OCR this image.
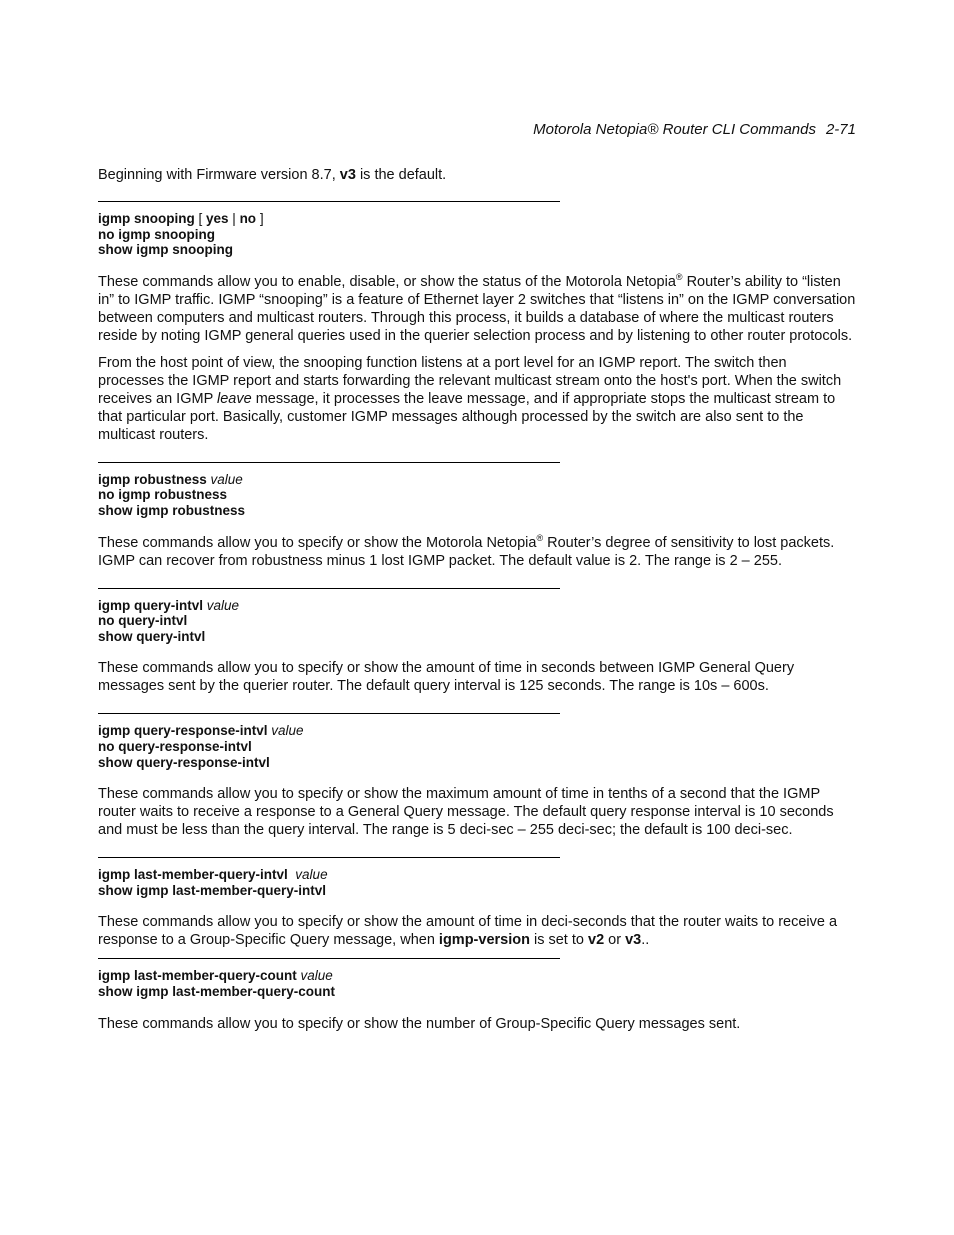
Motorola Netopia® Router CLI Commands 2-71

Beginning with Firmware version 8.7, v3 is the default.

igmp snooping [ yes | no ]
no igmp snooping
show igmp snooping

These commands allow you to enable, disable, or show the status of the Motorola Netopia® Router’s ability to “listen in” to IGMP traffic. IGMP “snooping” is a feature of Ethernet layer 2 switches that “listens in” on the IGMP conversation between computers and multicast routers. Through this process, it builds a database of where the multicast routers reside by noting IGMP general queries used in the querier selection process and by listening to other router protocols.

From the host point of view, the snooping function listens at a port level for an IGMP report. The switch then processes the IGMP report and starts forwarding the relevant multicast stream onto the host's port. When the switch receives an IGMP leave message, it processes the leave message, and if appropriate stops the multicast stream to that particular port. Basically, customer IGMP messages although processed by the switch are also sent to the multicast routers.

igmp robustness value
no igmp robustness
show igmp robustness

These commands allow you to specify or show the Motorola Netopia® Router’s degree of sensitivity to lost packets. IGMP can recover from robustness minus 1 lost IGMP packet. The default value is 2. The range is 2 – 255.

igmp query-intvl value
no query-intvl
show query-intvl

These commands allow you to specify or show the amount of time in seconds between IGMP General Query messages sent by the querier router. The default query interval is 125 seconds. The range is 10s – 600s.

igmp query-response-intvl value
no query-response-intvl
show query-response-intvl

These commands allow you to specify or show the maximum amount of time in tenths of a second that the IGMP router waits to receive a response to a General Query message. The default query response interval is 10 seconds and must be less than the query interval. The range is 5 deci-sec – 255 deci-sec; the default is 100 deci-sec.

igmp last-member-query-intvl  value
show igmp last-member-query-intvl

These commands allow you to specify or show the amount of time in deci-seconds that the router waits to receive a response to a Group-Specific Query message, when igmp-version is set to v2 or v3..

igmp last-member-query-count value
show igmp last-member-query-count

These commands allow you to specify or show the number of Group-Specific Query messages sent.
